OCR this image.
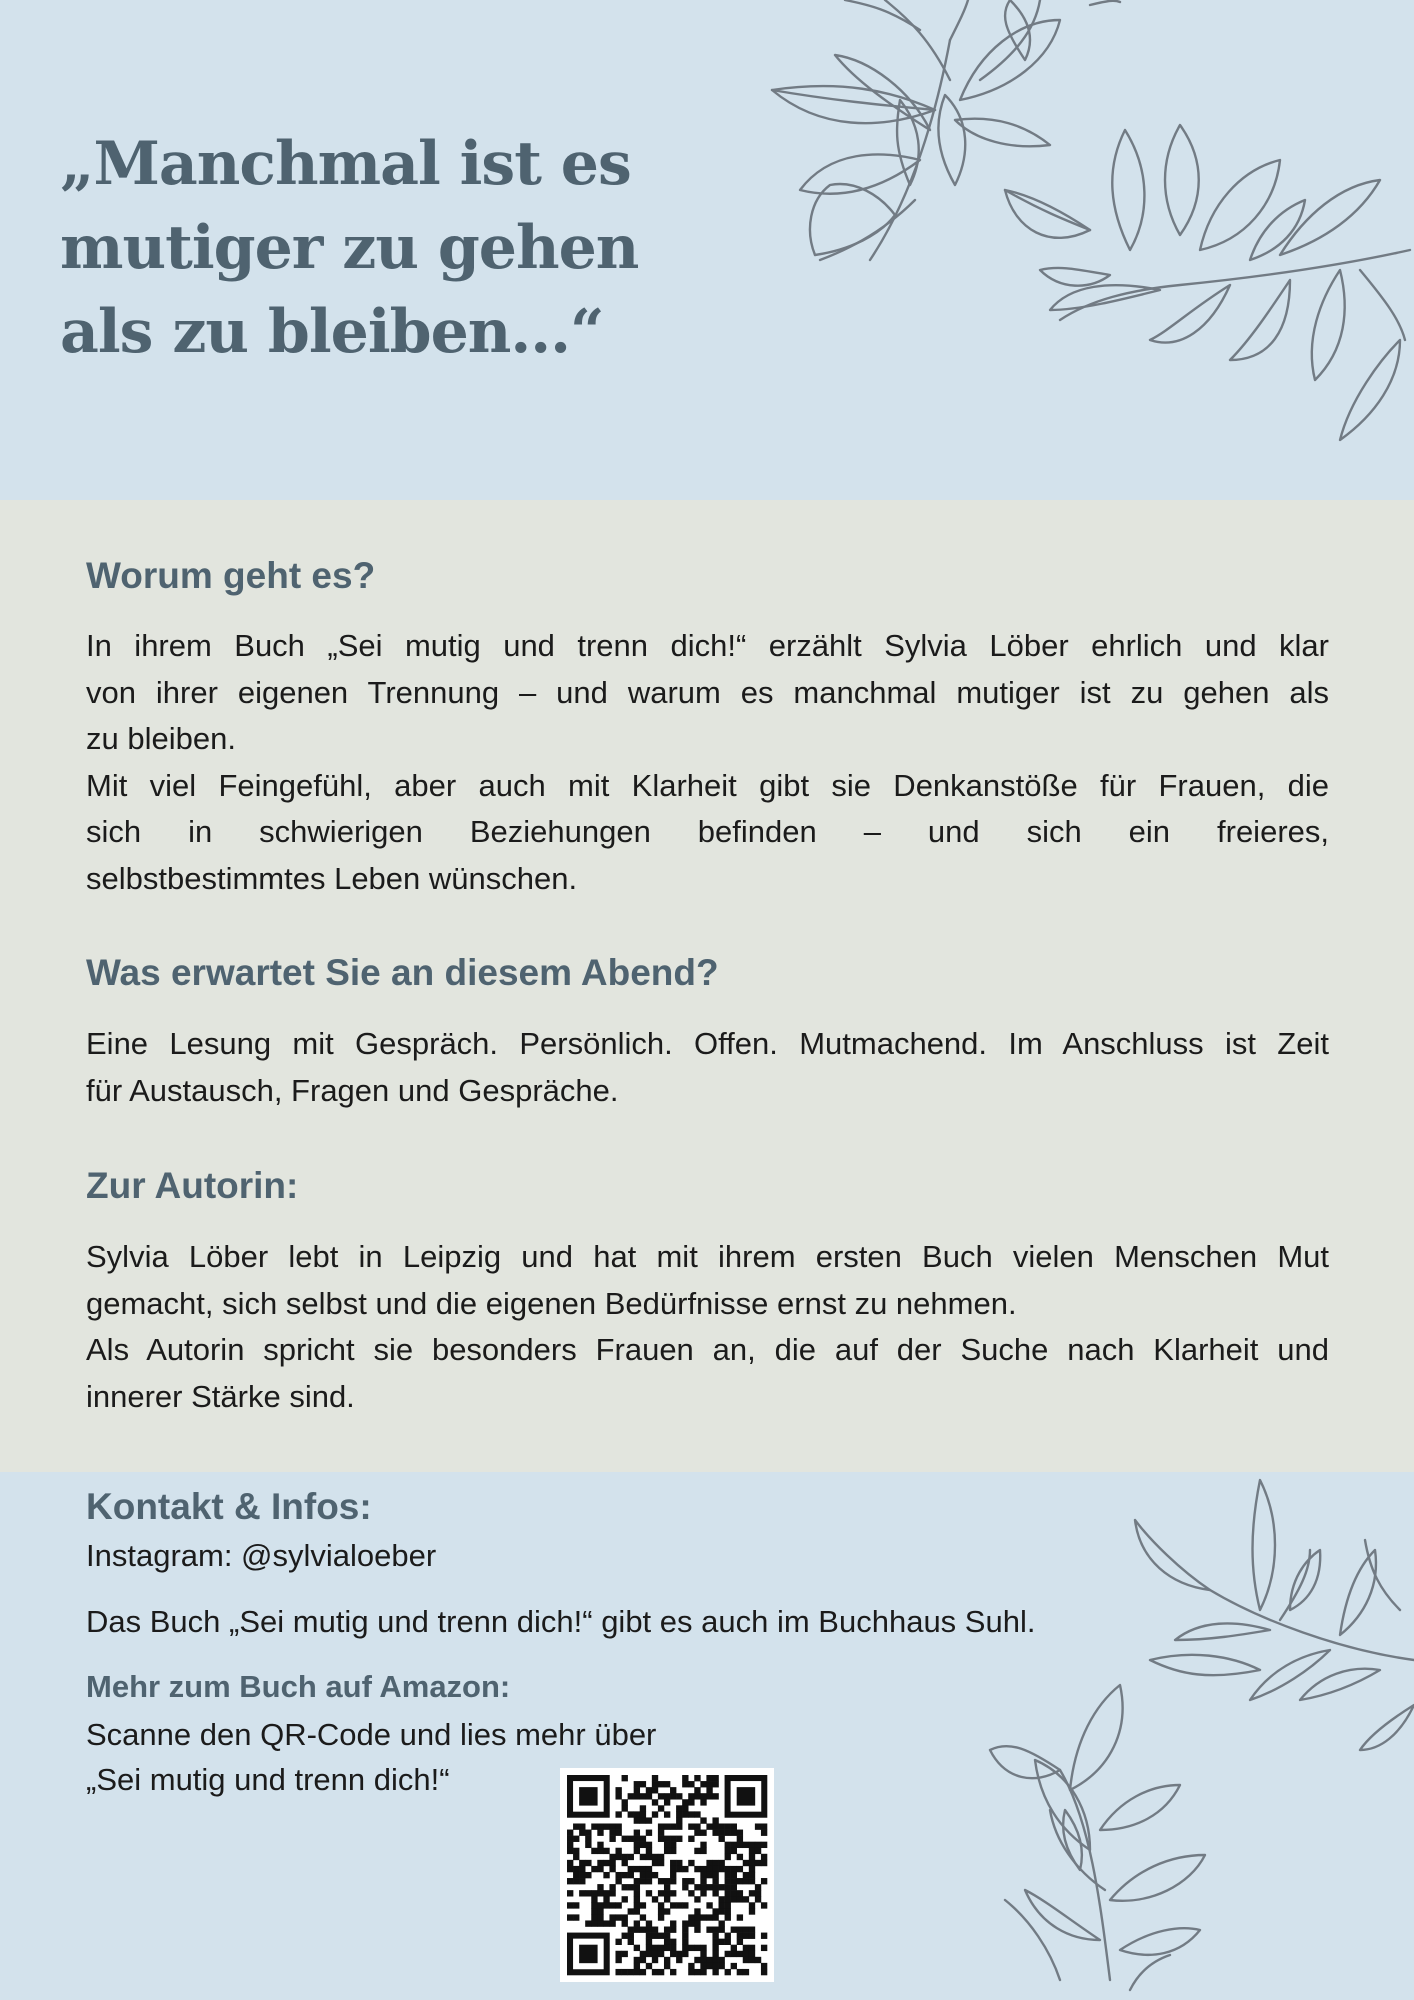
„Manchmal ist es
mutiger zu gehen
als zu bleiben...“
Worum geht es?

In ihrem Buch „Sei mutig und trenn dich!“ erzählt Sylvia Löber ehrlich und klar
von ihrer eigenen Trennung – und warum es manchmal mutiger ist zu gehen als
zu bleiben.
Mit viel Feingefühl, aber auch mit Klarheit gibt sie Denkanstöße für Frauen, die
sich in schwierigen Beziehungen befinden – und sich ein freieres,
selbstbestimmtes Leben wünschen.

Was erwartet Sie an diesem Abend?

Eine Lesung mit Gespräch. Persönlich. Offen. Mutmachend. Im Anschluss ist Zeit
für Austausch, Fragen und Gespräche.

Zur Autorin:

Sylvia Löber lebt in Leipzig und hat mit ihrem ersten Buch vielen Menschen Mut
gemacht, sich selbst und die eigenen Bedürfnisse ernst zu nehmen.
Als Autorin spricht sie besonders Frauen an, die auf der Suche nach Klarheit und
innerer Stärke sind.

Kontakt & Infos:

Instagram: @sylvialoeber

Das Buch „Sei mutig und trenn dich!“ gibt es auch im Buchhaus Suhl.

Mehr zum Buch auf Amazon:

Scanne den QR-Code und lies mehr über

„Sei mutig und trenn dich!“
